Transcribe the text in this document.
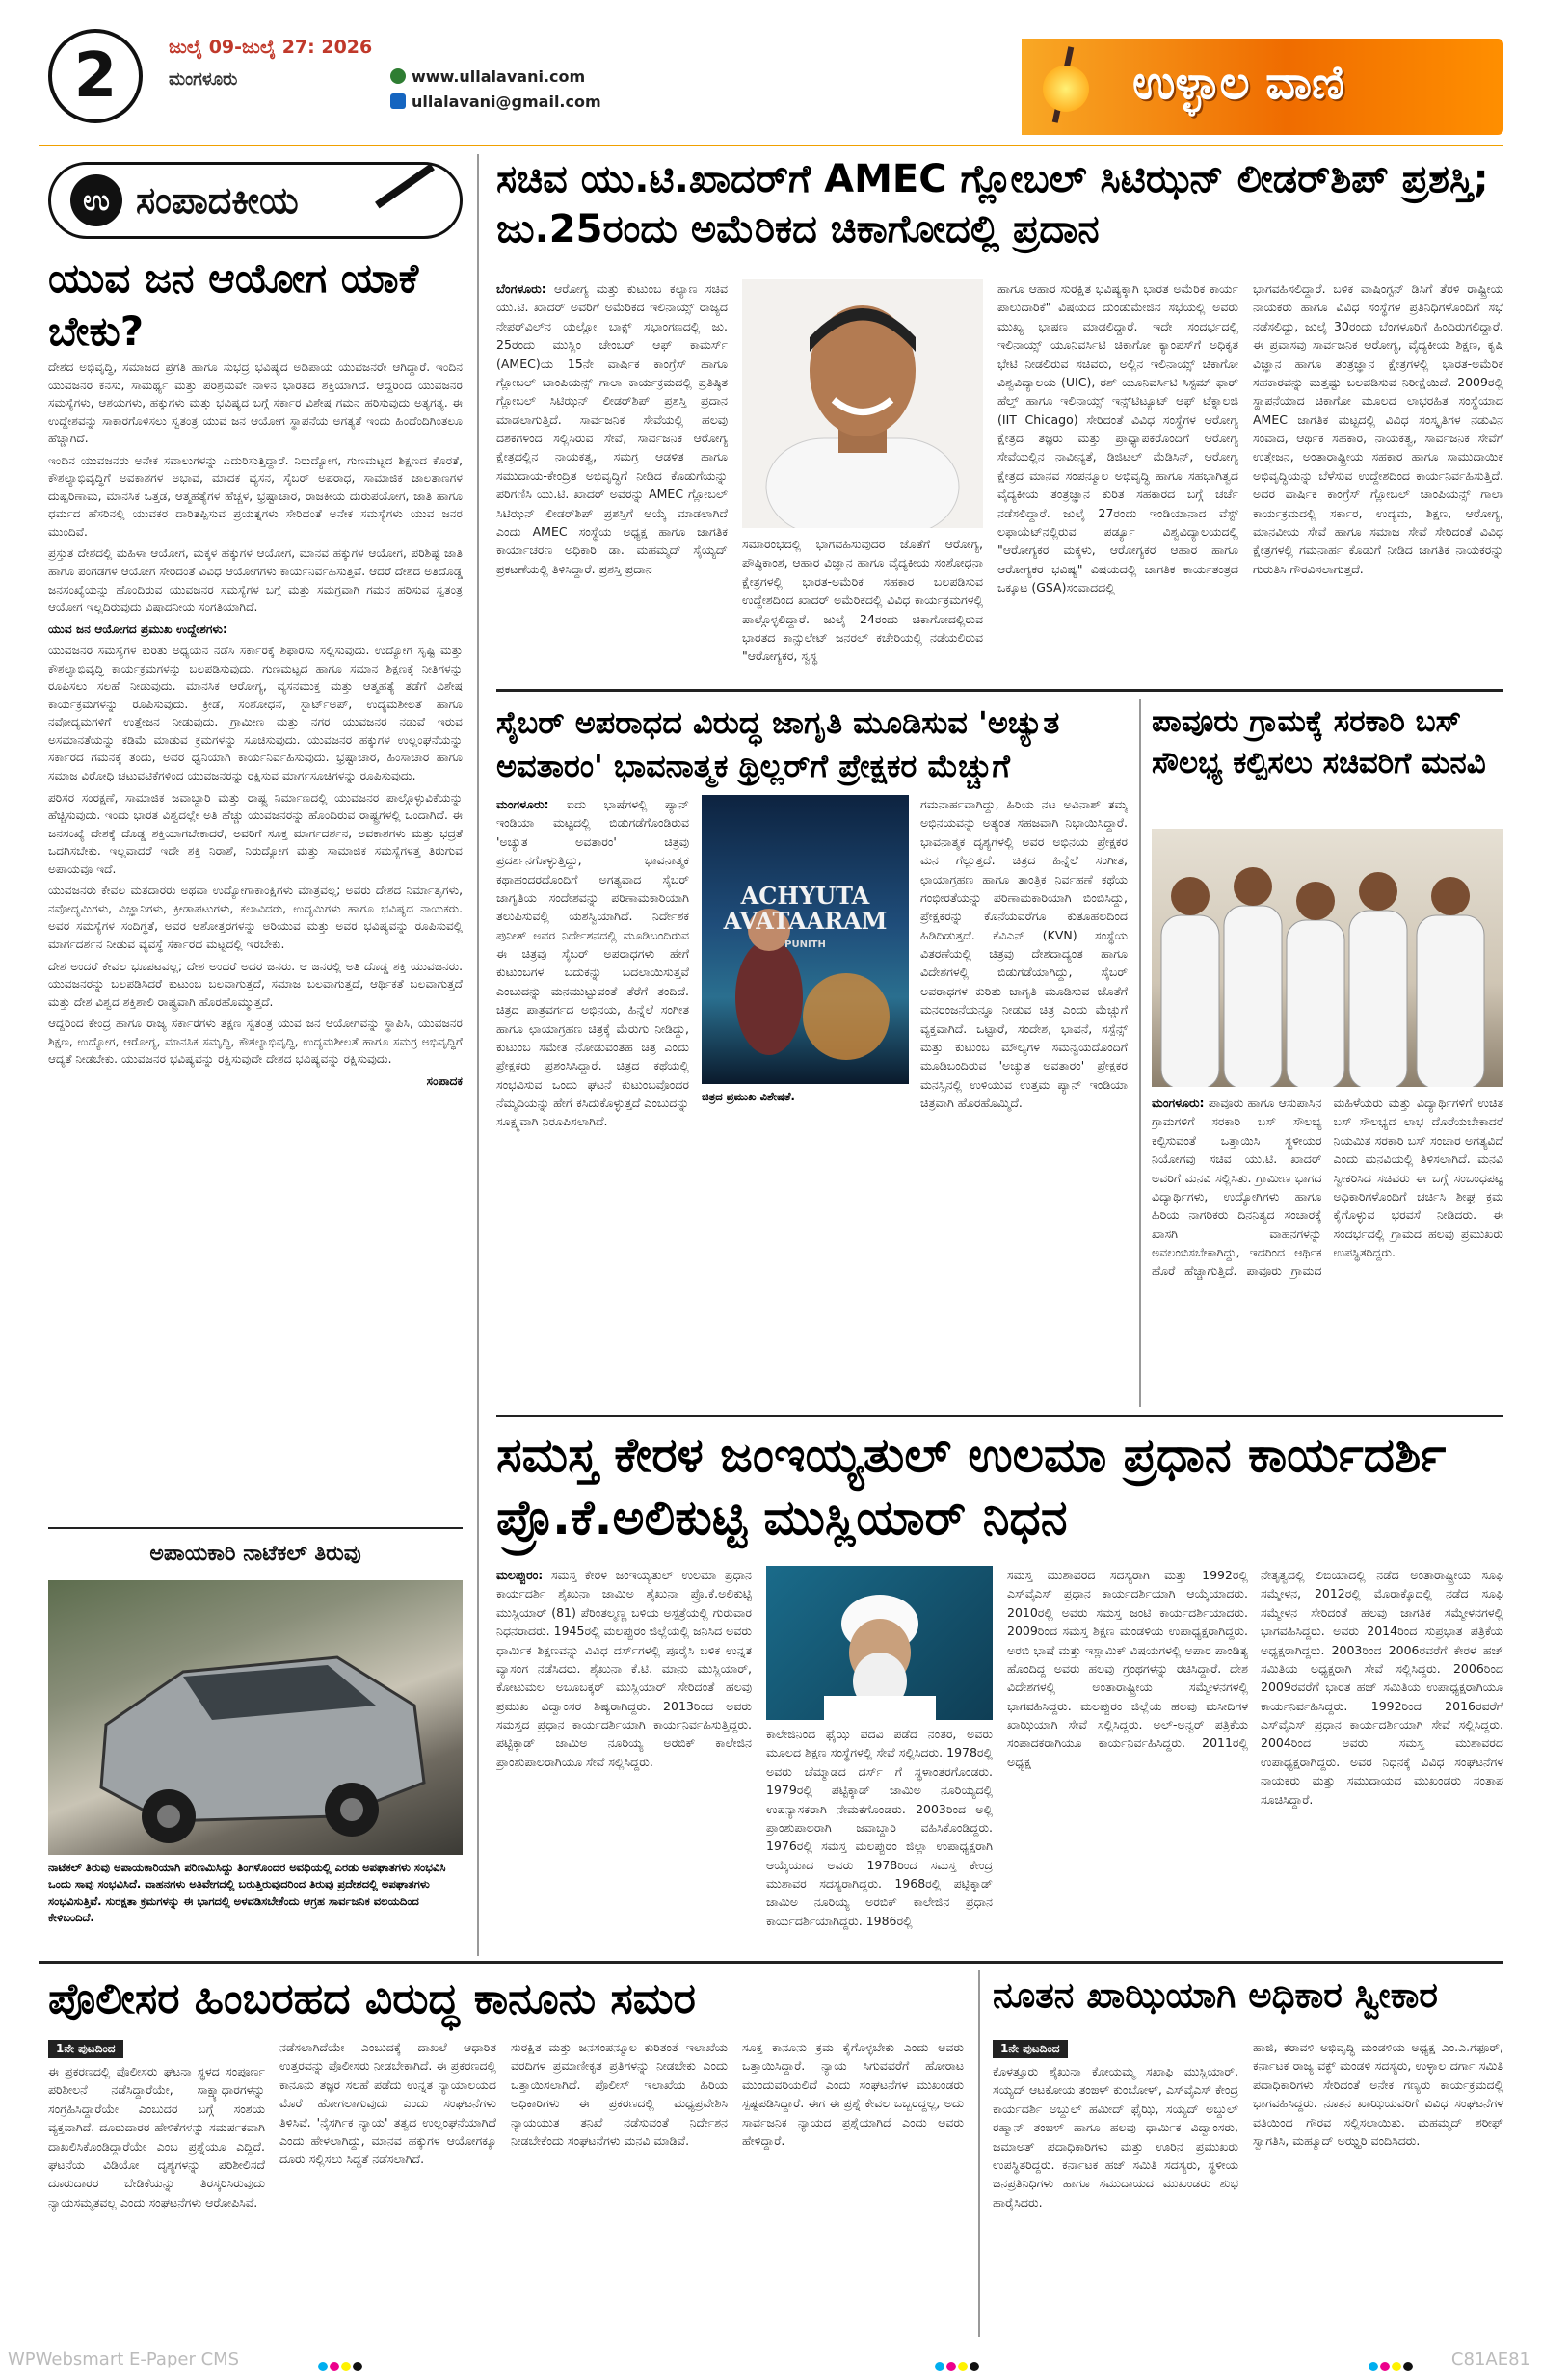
2	ಜುಲೈ 09-ಜುಲೈ 27: 2026
ಮಂಗಳೂರು	www.ullalavani.com
ullalavani@gmail.com	ಉಳ್ಳಾಲ ವಾಣಿ
ಉ ಸಂಪಾದಕೀಯ
ಯುವ ಜನ ಆಯೋಗ ಯಾಕೆ ಬೇಕು?

ದೇಶದ ಅಭಿವೃದ್ಧಿ, ಸಮಾಜದ ಪ್ರಗತಿ ಹಾಗೂ ಸುಭದ್ರ ಭವಿಷ್ಯದ ಅಡಿಪಾಯ ಯುವಜನರೇ ಆಗಿದ್ದಾರೆ. ಇಂದಿನ ಯುವಜನರ ಕನಸು, ಸಾಮರ್ಥ್ಯ ಮತ್ತು ಪರಿಶ್ರಮವೇ ನಾಳಿನ ಭಾರತದ ಶಕ್ತಿಯಾಗಿದೆ. ಆದ್ದರಿಂದ ಯುವಜನರ ಸಮಸ್ಯೆಗಳು, ಆಶಯಗಳು, ಹಕ್ಕುಗಳು ಮತ್ತು ಭವಿಷ್ಯದ ಬಗ್ಗೆ ಸರ್ಕಾರ ವಿಶೇಷ ಗಮನ ಹರಿಸುವುದು ಅತ್ಯಗತ್ಯ. ಈ ಉದ್ದೇಶವನ್ನು ಸಾಕಾರಗೊಳಿಸಲು ಸ್ವತಂತ್ರ ಯುವ ಜನ ಆಯೋಗ ಸ್ಥಾಪನೆಯ ಅಗತ್ಯತೆ ಇಂದು ಹಿಂದೆಂದಿಗಿಂತಲೂ ಹೆಚ್ಚಾಗಿದೆ.

ಇಂದಿನ ಯುವಜನರು ಅನೇಕ ಸವಾಲುಗಳನ್ನು ಎದುರಿಸುತ್ತಿದ್ದಾರೆ. ನಿರುದ್ಯೋಗ, ಗುಣಮಟ್ಟದ ಶಿಕ್ಷಣದ ಕೊರತೆ, ಕೌಶಲ್ಯಾಭಿವೃದ್ಧಿಗೆ ಅವಕಾಶಗಳ ಅಭಾವ, ಮಾದಕ ವ್ಯಸನ, ಸೈಬರ್ ಅಪರಾಧ, ಸಾಮಾಜಿಕ ಜಾಲತಾಣಗಳ ದುಷ್ಪರಿಣಾಮ, ಮಾನಸಿಕ ಒತ್ತಡ, ಆತ್ಮಹತ್ಯೆಗಳ ಹೆಚ್ಚಳ, ಭ್ರಷ್ಟಾಚಾರ, ರಾಜಕೀಯ ದುರುಪಯೋಗ, ಜಾತಿ ಹಾಗೂ ಧರ್ಮದ ಹೆಸರಿನಲ್ಲಿ ಯುವಕರ ದಾರಿತಪ್ಪಿಸುವ ಪ್ರಯತ್ನಗಳು ಸೇರಿದಂತೆ ಅನೇಕ ಸಮಸ್ಯೆಗಳು ಯುವ ಜನರ ಮುಂದಿವೆ.

ಪ್ರಸ್ತುತ ದೇಶದಲ್ಲಿ ಮಹಿಳಾ ಆಯೋಗ, ಮಕ್ಕಳ ಹಕ್ಕುಗಳ ಆಯೋಗ, ಮಾನವ ಹಕ್ಕುಗಳ ಆಯೋಗ, ಪರಿಶಿಷ್ಟ ಜಾತಿ ಹಾಗೂ ಪಂಗಡಗಳ ಆಯೋಗ ಸೇರಿದಂತೆ ವಿವಿಧ ಆಯೋಗಗಳು ಕಾರ್ಯನಿರ್ವಹಿಸುತ್ತಿವೆ. ಆದರೆ ದೇಶದ ಅತಿದೊಡ್ಡ ಜನಸಂಖ್ಯೆಯನ್ನು ಹೊಂದಿರುವ ಯುವಜನರ ಸಮಸ್ಯೆಗಳ ಬಗ್ಗೆ ಮತ್ತು ಸಮಗ್ರವಾಗಿ ಗಮನ ಹರಿಸುವ ಸ್ವತಂತ್ರ ಆಯೋಗ ಇಲ್ಲದಿರುವುದು ವಿಷಾದನೀಯ ಸಂಗತಿಯಾಗಿದೆ.

ಯುವ ಜನ ಆಯೋಗದ ಪ್ರಮುಖ ಉದ್ದೇಶಗಳು:

ಯುವಜನರ ಸಮಸ್ಯೆಗಳ ಕುರಿತು ಅಧ್ಯಯನ ನಡೆಸಿ ಸರ್ಕಾರಕ್ಕೆ ಶಿಫಾರಸು ಸಲ್ಲಿಸುವುದು. ಉದ್ಯೋಗ ಸೃಷ್ಟಿ ಮತ್ತು ಕೌಶಲ್ಯಾಭಿವೃದ್ಧಿ ಕಾರ್ಯಕ್ರಮಗಳನ್ನು ಬಲಪಡಿಸುವುದು. ಗುಣಮಟ್ಟದ ಹಾಗೂ ಸಮಾನ ಶಿಕ್ಷಣಕ್ಕೆ ನೀತಿಗಳನ್ನು ರೂಪಿಸಲು ಸಲಹೆ ನೀಡುವುದು. ಮಾನಸಿಕ ಆರೋಗ್ಯ, ವ್ಯಸನಮುಕ್ತ ಮತ್ತು ಆತ್ಮಹತ್ಯೆ ತಡೆಗೆ ವಿಶೇಷ ಕಾರ್ಯಕ್ರಮಗಳನ್ನು ರೂಪಿಸುವುದು. ಕ್ರೀಡೆ, ಸಂಶೋಧನೆ, ಸ್ಟಾರ್ಟ್‌ಅಪ್, ಉದ್ಯಮಶೀಲತೆ ಹಾಗೂ ನವೋದ್ಯಮಗಳಿಗೆ ಉತ್ತೇಜನ ನೀಡುವುದು. ಗ್ರಾಮೀಣ ಮತ್ತು ನಗರ ಯುವಜನರ ನಡುವೆ ಇರುವ ಅಸಮಾನತೆಯನ್ನು ಕಡಿಮೆ ಮಾಡುವ ಕ್ರಮಗಳನ್ನು ಸೂಚಿಸುವುದು. ಯುವಜನರ ಹಕ್ಕುಗಳ ಉಲ್ಲಂಘನೆಯನ್ನು ಸರ್ಕಾರದ ಗಮನಕ್ಕೆ ತಂದು, ಅವರ ಧ್ವನಿಯಾಗಿ ಕಾರ್ಯನಿರ್ವಹಿಸುವುದು. ಭ್ರಷ್ಟಾಚಾರ, ಹಿಂಸಾಚಾರ ಹಾಗೂ ಸಮಾಜ ವಿರೋಧಿ ಚಟುವಟಿಕೆಗಳಿಂದ ಯುವಜನರನ್ನು ರಕ್ಷಿಸುವ ಮಾರ್ಗಸೂಚಿಗಳನ್ನು ರೂಪಿಸುವುದು.

ಪರಿಸರ ಸಂರಕ್ಷಣೆ, ಸಾಮಾಜಿಕ ಜವಾಬ್ದಾರಿ ಮತ್ತು ರಾಷ್ಟ್ರ ನಿರ್ಮಾಣದಲ್ಲಿ ಯುವಜನರ ಪಾಲ್ಗೊಳ್ಳುವಿಕೆಯನ್ನು ಹೆಚ್ಚಿಸುವುದು. ಇಂದು ಭಾರತ ವಿಶ್ವದಲ್ಲೇ ಅತಿ ಹೆಚ್ಚು ಯುವಜನರನ್ನು ಹೊಂದಿರುವ ರಾಷ್ಟ್ರಗಳಲ್ಲಿ ಒಂದಾಗಿದೆ. ಈ ಜನಸಂಖ್ಯೆ ದೇಶಕ್ಕೆ ದೊಡ್ಡ ಶಕ್ತಿಯಾಗಬೇಕಾದರೆ, ಅವರಿಗೆ ಸೂಕ್ತ ಮಾರ್ಗದರ್ಶನ, ಅವಕಾಶಗಳು ಮತ್ತು ಭದ್ರತೆ ಒದಗಿಸಬೇಕು. ಇಲ್ಲವಾದರೆ ಇದೇ ಶಕ್ತಿ ನಿರಾಶೆ, ನಿರುದ್ಯೋಗ ಮತ್ತು ಸಾಮಾಜಿಕ ಸಮಸ್ಯೆಗಳತ್ತ ತಿರುಗುವ ಅಪಾಯವೂ ಇದೆ.

ಯುವಜನರು ಕೇವಲ ಮತದಾರರು ಅಥವಾ ಉದ್ಯೋಗಾಕಾಂಕ್ಷಿಗಳು ಮಾತ್ರವಲ್ಲ; ಅವರು ದೇಶದ ನಿರ್ಮಾತೃಗಳು, ನವೋದ್ಯಮಿಗಳು, ವಿಜ್ಞಾನಿಗಳು, ಕ್ರೀಡಾಪಟುಗಳು, ಕಲಾವಿದರು, ಉದ್ಯಮಿಗಳು ಹಾಗೂ ಭವಿಷ್ಯದ ನಾಯಕರು. ಅವರ ಸಮಸ್ಯೆಗಳ ಸಂದಿಗ್ಧತೆ, ಅವರ ಆಶೋತ್ತರಗಳನ್ನು ಅರಿಯುವ ಮತ್ತು ಅವರ ಭವಿಷ್ಯವನ್ನು ರೂಪಿಸುವಲ್ಲಿ ಮಾರ್ಗದರ್ಶನ ನೀಡುವ ವ್ಯವಸ್ಥೆ ಸರ್ಕಾರದ ಮಟ್ಟದಲ್ಲಿ ಇರಬೇಕು.

ದೇಶ ಅಂದರೆ ಕೇವಲ ಭೂಪಟವಲ್ಲ; ದೇಶ ಅಂದರೆ ಅದರ ಜನರು. ಆ ಜನರಲ್ಲಿ ಅತಿ ದೊಡ್ಡ ಶಕ್ತಿ ಯುವಜನರು. ಯುವಜನರನ್ನು ಬಲಪಡಿಸಿದರೆ ಕುಟುಂಬ ಬಲವಾಗುತ್ತದೆ, ಸಮಾಜ ಬಲವಾಗುತ್ತದೆ, ಆರ್ಥಿಕತೆ ಬಲವಾಗುತ್ತದೆ ಮತ್ತು ದೇಶ ವಿಶ್ವದ ಶಕ್ತಿಶಾಲಿ ರಾಷ್ಟ್ರವಾಗಿ ಹೊರಹೊಮ್ಮುತ್ತದೆ.

ಆದ್ದರಿಂದ ಕೇಂದ್ರ ಹಾಗೂ ರಾಜ್ಯ ಸರ್ಕಾರಗಳು ತಕ್ಷಣ ಸ್ವತಂತ್ರ ಯುವ ಜನ ಆಯೋಗವನ್ನು ಸ್ಥಾಪಿಸಿ, ಯುವಜನರ ಶಿಕ್ಷಣ, ಉದ್ಯೋಗ, ಆರೋಗ್ಯ, ಮಾನಸಿಕ ಸಮೃದ್ಧಿ, ಕೌಶಲ್ಯಾಭಿವೃದ್ಧಿ, ಉದ್ಯಮಶೀಲತೆ ಹಾಗೂ ಸಮಗ್ರ ಅಭಿವೃದ್ಧಿಗೆ ಆದ್ಯತೆ ನೀಡಬೇಕು. ಯುವಜನರ ಭವಿಷ್ಯವನ್ನು ರಕ್ಷಿಸುವುದೇ ದೇಶದ ಭವಿಷ್ಯವನ್ನು ರಕ್ಷಿಸುವುದು.

ಸಂಪಾದಕ

ಅಪಾಯಕಾರಿ ನಾಟೆಕಲ್ ತಿರುವು
ನಾಟೆಕಲ್ ತಿರುವು ಅಪಾಯಕಾರಿಯಾಗಿ ಪರಿಣಮಿಸಿದ್ದು ತಿಂಗಳೊಂದರ ಅವಧಿಯಲ್ಲಿ ಎರಡು ಅಪಘಾತಗಳು ಸಂಭವಿಸಿ ಒಂದು ಸಾವು ಸಂಭವಿಸಿದೆ. ವಾಹನಗಳು ಅತಿವೇಗದಲ್ಲಿ ಬರುತ್ತಿರುವುದರಿಂದ ತಿರುವು ಪ್ರದೇಶದಲ್ಲಿ ಅಪಘಾತಗಳು ಸಂಭವಿಸುತ್ತಿವೆ. ಸುರಕ್ಷತಾ ಕ್ರಮಗಳನ್ನು ಈ ಭಾಗದಲ್ಲಿ ಅಳವಡಿಸಬೇಕೆಂದು ಆಗ್ರಹ ಸಾರ್ವಜನಿಕ ವಲಯದಿಂದ ಕೇಳಿಬಂದಿದೆ.
ಸಚಿವ ಯು.ಟಿ.ಖಾದರ್‌ಗೆ AMEC ಗ್ಲೋಬಲ್ ಸಿಟಿಝನ್ ಲೀಡರ್‌ಶಿಪ್ ಪ್ರಶಸ್ತಿ; ಜು.25ರಂದು ಅಮೆರಿಕದ ಚಿಕಾಗೋದಲ್ಲಿ ಪ್ರದಾನ
ಬೆಂಗಳೂರು: ಆರೋಗ್ಯ ಮತ್ತು ಕುಟುಂಬ ಕಲ್ಯಾಣ ಸಚಿವ ಯು.ಟಿ. ಖಾದರ್ ಅವರಿಗೆ ಅಮೆರಿಕದ ಇಲಿನಾಯ್ಸ್ ರಾಜ್ಯದ ನೇಪರ್‌ವಿಲ್‌ನ ಯಲ್ಲೋ ಬಾಕ್ಸ್ ಸಭಾಂಗಣದಲ್ಲಿ ಜು. 25ರಂದು ಮುಸ್ಲಿಂ ಚೇಂಬರ್ ಆಫ್ ಕಾಮರ್ಸ್ (AMEC)ಯ 15ನೇ ವಾರ್ಷಿಕ ಕಾಂಗ್ರೆಸ್ ಹಾಗೂ ಗ್ಲೋಬಲ್ ಚಾಂಪಿಯನ್ಸ್ ಗಾಲಾ ಕಾರ್ಯಕ್ರಮದಲ್ಲಿ ಪ್ರತಿಷ್ಠಿತ ಗ್ಲೋಬಲ್ ಸಿಟಿಝನ್ ಲೀಡರ್‌ಶಿಪ್ ಪ್ರಶಸ್ತಿ ಪ್ರದಾನ ಮಾಡಲಾಗುತ್ತಿದೆ. ಸಾರ್ವಜನಿಕ ಸೇವೆಯಲ್ಲಿ ಹಲವು ದಶಕಗಳಿಂದ ಸಲ್ಲಿಸಿರುವ ಸೇವೆ, ಸಾರ್ವಜನಿಕ ಆರೋಗ್ಯ ಕ್ಷೇತ್ರದಲ್ಲಿನ ನಾಯಕತ್ವ, ಸಮಗ್ರ ಆಡಳಿತ ಹಾಗೂ ಸಮುದಾಯ-ಕೇಂದ್ರಿತ ಅಭಿವೃದ್ಧಿಗೆ ನೀಡಿದ ಕೊಡುಗೆಯನ್ನು ಪರಿಗಣಿಸಿ ಯು.ಟಿ. ಖಾದರ್ ಅವರನ್ನು AMEC ಗ್ಲೋಬಲ್ ಸಿಟಿಝನ್ ಲೀಡರ್‌ಶಿಪ್ ಪ್ರಶಸ್ತಿಗೆ ಆಯ್ಕೆ ಮಾಡಲಾಗಿದೆ ಎಂದು AMEC ಸಂಸ್ಥೆಯ ಅಧ್ಯಕ್ಷ ಹಾಗೂ ಜಾಗತಿಕ ಕಾರ್ಯಾಚರಣ ಅಧಿಕಾರಿ ಡಾ. ಮಹಮ್ಮದ್ ಸೈಯ್ಯದ್ ಪ್ರಕಟಣೆಯಲ್ಲಿ ತಿಳಿಸಿದ್ದಾರೆ. ಪ್ರಶಸ್ತಿ ಪ್ರದಾನ
ಸಮಾರಂಭದಲ್ಲಿ ಭಾಗವಹಿಸುವುದರ ಜೊತೆಗೆ ಆರೋಗ್ಯ, ಪೌಷ್ಠಿಕಾಂಶ, ಆಹಾರ ವಿಜ್ಞಾನ ಹಾಗೂ ವೈದ್ಯಕೀಯ ಸಂಶೋಧನಾ ಕ್ಷೇತ್ರಗಳಲ್ಲಿ ಭಾರತ-ಅಮೆರಿಕ ಸಹಕಾರ ಬಲಪಡಿಸುವ ಉದ್ದೇಶದಿಂದ ಖಾದರ್ ಅಮೆರಿಕದಲ್ಲಿ ವಿವಿಧ ಕಾರ್ಯಕ್ರಮಗಳಲ್ಲಿ ಪಾಲ್ಗೊಳ್ಳಲಿದ್ದಾರೆ. ಜುಲೈ 24ರಂದು ಚಿಕಾಗೋದಲ್ಲಿರುವ ಭಾರತದ ಕಾನ್ಸುಲೇಟ್ ಜನರಲ್ ಕಚೇರಿಯಲ್ಲಿ ನಡೆಯಲಿರುವ "ಆರೋಗ್ಯಕರ, ಸ್ವಸ್ಥ
ಹಾಗೂ ಆಹಾರ ಸುರಕ್ಷಿತ ಭವಿಷ್ಯಕ್ಕಾಗಿ ಭಾರತ ಅಮೆರಿಕ ಕಾರ್ಯ ಪಾಲುದಾರಿಕೆ" ವಿಷಯದ ದುಂಡುಮೇಜಿನ ಸಭೆಯಲ್ಲಿ ಅವರು ಮುಖ್ಯ ಭಾಷಣ ಮಾಡಲಿದ್ದಾರೆ. ಇದೇ ಸಂದರ್ಭದಲ್ಲಿ ಇಲಿನಾಯ್ಸ್ ಯೂನಿವರ್ಸಿಟಿ ಚಿಕಾಗೋ ಕ್ಯಾಂಪಸ್‌ಗೆ ಅಧಿಕೃತ ಭೇಟಿ ನೀಡಲಿರುವ ಸಚಿವರು, ಅಲ್ಲಿನ ಇಲಿನಾಯ್ಸ್ ಚಿಕಾಗೋ ವಿಶ್ವವಿದ್ಯಾಲಯ (UIC), ರಶ್ ಯೂನಿವರ್ಸಿಟಿ ಸಿಸ್ಟಮ್ ಫಾರ್ ಹೆಲ್ತ್ ಹಾಗೂ ಇಲಿನಾಯ್ಸ್ ಇನ್ಸ್‌ಟಿಟ್ಯೂಟ್ ಆಫ್ ಟೆಕ್ನಾಲಜಿ (IIT Chicago) ಸೇರಿದಂತೆ ವಿವಿಧ ಸಂಸ್ಥೆಗಳ ಆರೋಗ್ಯ ಕ್ಷೇತ್ರದ ತಜ್ಞರು ಮತ್ತು ಪ್ರಾಧ್ಯಾಪಕರೊಂದಿಗೆ ಆರೋಗ್ಯ ಸೇವೆಯಲ್ಲಿನ ನಾವೀನ್ಯತೆ, ಡಿಜಿಟಲ್ ಮೆಡಿಸಿನ್, ಆರೋಗ್ಯ ಕ್ಷೇತ್ರದ ಮಾನವ ಸಂಪನ್ಮೂಲ ಅಭಿವೃದ್ಧಿ ಹಾಗೂ ಸಹಭಾಗಿತ್ವದ ವೈದ್ಯಕೀಯ ತಂತ್ರಜ್ಞಾನ ಕುರಿತ ಸಹಕಾರದ ಬಗ್ಗೆ ಚರ್ಚೆ ನಡೆಸಲಿದ್ದಾರೆ. ಜುಲೈ 27ರಂದು ಇಂಡಿಯಾನಾದ ವೆಸ್ಟ್ ಲಫಾಯೆಟ್‌ನಲ್ಲಿರುವ ಪರ್ಡ್ಯೂ ವಿಶ್ವವಿದ್ಯಾಲಯದಲ್ಲಿ "ಆರೋಗ್ಯಕರ ಮಕ್ಕಳು, ಆರೋಗ್ಯಕರ ಆಹಾರ ಹಾಗೂ ಆರೋಗ್ಯಕರ ಭವಿಷ್ಯ" ವಿಷಯದಲ್ಲಿ ಜಾಗತಿಕ ಕಾರ್ಯತಂತ್ರದ ಒಕ್ಕೂಟ (GSA)ಸಂವಾದದಲ್ಲಿ
ಭಾಗವಹಿಸಲಿದ್ದಾರೆ. ಬಳಿಕ ವಾಷಿಂಗ್ಟನ್ ಡಿಸಿಗೆ ತೆರಳಿ ರಾಷ್ಟ್ರೀಯ ನಾಯಕರು ಹಾಗೂ ವಿವಿಧ ಸಂಸ್ಥೆಗಳ ಪ್ರತಿನಿಧಿಗಳೊಂದಿಗೆ ಸಭೆ ನಡೆಸಲಿದ್ದು, ಜುಲೈ 30ರಂದು ಬೆಂಗಳೂರಿಗೆ ಹಿಂದಿರುಗಲಿದ್ದಾರೆ. ಈ ಪ್ರವಾಸವು ಸಾರ್ವಜನಿಕ ಆರೋಗ್ಯ, ವೈದ್ಯಕೀಯ ಶಿಕ್ಷಣ, ಕೃಷಿ ವಿಜ್ಞಾನ ಹಾಗೂ ತಂತ್ರಜ್ಞಾನ ಕ್ಷೇತ್ರಗಳಲ್ಲಿ ಭಾರತ-ಅಮೆರಿಕ ಸಹಕಾರವನ್ನು ಮತ್ತಷ್ಟು ಬಲಪಡಿಸುವ ನಿರೀಕ್ಷೆಯಿದೆ. 2009ರಲ್ಲಿ ಸ್ಥಾಪನೆಯಾದ ಚಿಕಾಗೋ ಮೂಲದ ಲಾಭರಹಿತ ಸಂಸ್ಥೆಯಾದ AMEC ಜಾಗತಿಕ ಮಟ್ಟದಲ್ಲಿ ವಿವಿಧ ಸಂಸ್ಕೃತಿಗಳ ನಡುವಿನ ಸಂವಾದ, ಆರ್ಥಿಕ ಸಹಕಾರ, ನಾಯಕತ್ವ, ಸಾರ್ವಜನಿಕ ಸೇವೆಗೆ ಉತ್ತೇಜನ, ಅಂತಾರಾಷ್ಟ್ರೀಯ ಸಹಕಾರ ಹಾಗೂ ಸಾಮುದಾಯಿಕ ಅಭಿವೃದ್ಧಿಯನ್ನು ಬೆಳೆಸುವ ಉದ್ದೇಶದಿಂದ ಕಾರ್ಯನಿರ್ವಹಿಸುತ್ತಿದೆ. ಅದರ ವಾರ್ಷಿಕ ಕಾಂಗ್ರೆಸ್ ಗ್ಲೋಬಲ್ ಚಾಂಪಿಯನ್ಸ್ ಗಾಲಾ ಕಾರ್ಯಕ್ರಮದಲ್ಲಿ ಸರ್ಕಾರ, ಉದ್ಯಮ, ಶಿಕ್ಷಣ, ಆರೋಗ್ಯ, ಮಾನವೀಯ ಸೇವೆ ಹಾಗೂ ಸಮಾಜ ಸೇವೆ ಸೇರಿದಂತೆ ವಿವಿಧ ಕ್ಷೇತ್ರಗಳಲ್ಲಿ ಗಮನಾರ್ಹ ಕೊಡುಗೆ ನೀಡಿದ ಜಾಗತಿಕ ನಾಯಕರನ್ನು ಗುರುತಿಸಿ ಗೌರವಿಸಲಾಗುತ್ತದೆ.
ಸೈಬರ್ ಅಪರಾಧದ ವಿರುದ್ಧ ಜಾಗೃತಿ ಮೂಡಿಸುವ 'ಅಚ್ಯುತ ಅವತಾರಂ' ಭಾವನಾತ್ಮಕ ಥ್ರಿಲ್ಲರ್‌ಗೆ ಪ್ರೇಕ್ಷಕರ ಮೆಚ್ಚುಗೆ
ಮಂಗಳೂರು: ಐದು ಭಾಷೆಗಳಲ್ಲಿ ಪ್ಯಾನ್ ಇಂಡಿಯಾ ಮಟ್ಟದಲ್ಲಿ ಬಿಡುಗಡೆಗೊಂಡಿರುವ 'ಅಚ್ಯುತ ಅವತಾರಂ' ಚಿತ್ರವು ಪ್ರದರ್ಶನಗೊಳ್ಳುತ್ತಿದ್ದು, ಭಾವನಾತ್ಮಕ ಕಥಾಹಂದರದೊಂದಿಗೆ ಅಗತ್ಯವಾದ ಸೈಬರ್ ಜಾಗೃತಿಯ ಸಂದೇಶವನ್ನು ಪರಿಣಾಮಕಾರಿಯಾಗಿ ತಲುಪಿಸುವಲ್ಲಿ ಯಶಸ್ವಿಯಾಗಿದೆ. ನಿರ್ದೇಶಕ ಪುನೀತ್ ಅವರ ನಿರ್ದೇಶನದಲ್ಲಿ ಮೂಡಿಬಂದಿರುವ ಈ ಚಿತ್ರವು ಸೈಬರ್ ಅಪರಾಧಗಳು ಹೇಗೆ ಕುಟುಂಬಗಳ ಬದುಕನ್ನು ಬದಲಾಯಿಸುತ್ತವೆ ಎಂಬುದನ್ನು ಮನಮುಟ್ಟುವಂತೆ ತೆರೆಗೆ ತಂದಿದೆ. ಚಿತ್ರದ ಪಾತ್ರವರ್ಗದ ಅಭಿನಯ, ಹಿನ್ನೆಲೆ ಸಂಗೀತ ಹಾಗೂ ಛಾಯಾಗ್ರಹಣ ಚಿತ್ರಕ್ಕೆ ಮೆರುಗು ನೀಡಿದ್ದು, ಕುಟುಂಬ ಸಮೇತ ನೋಡುವಂತಹ ಚಿತ್ರ ಎಂದು ಪ್ರೇಕ್ಷಕರು ಪ್ರಶಂಸಿಸಿದ್ದಾರೆ. ಚಿತ್ರದ ಕಥೆಯಲ್ಲಿ ಸಂಭವಿಸುವ ಒಂದು ಘಟನೆ ಕುಟುಂಬವೊಂದರ ನೆಮ್ಮದಿಯನ್ನು ಹೇಗೆ ಕಸಿದುಕೊಳ್ಳುತ್ತದೆ ಎಂಬುದನ್ನು ಸೂಕ್ಷ್ಮವಾಗಿ ನಿರೂಪಿಸಲಾಗಿದೆ.
ACHYUTA AVATAARAM
PUNITH
ಚಿತ್ರದ ಪ್ರಮುಖ ವಿಶೇಷತೆ.
ಗಮನಾರ್ಹವಾಗಿದ್ದು, ಹಿರಿಯ ನಟ ಅವಿನಾಶ್ ತಮ್ಮ ಅಭಿನಯವನ್ನು ಅತ್ಯಂತ ಸಹಜವಾಗಿ ನಿಭಾಯಿಸಿದ್ದಾರೆ. ಭಾವನಾತ್ಮಕ ದೃಶ್ಯಗಳಲ್ಲಿ ಅವರ ಅಭಿನಯ ಪ್ರೇಕ್ಷಕರ ಮನ ಗೆಲ್ಲುತ್ತದೆ. ಚಿತ್ರದ ಹಿನ್ನೆಲೆ ಸಂಗೀತ, ಛಾಯಾಗ್ರಹಣ ಹಾಗೂ ತಾಂತ್ರಿಕ ನಿರ್ವಹಣೆ ಕಥೆಯ ಗಂಭೀರತೆಯನ್ನು ಪರಿಣಾಮಕಾರಿಯಾಗಿ ಬಿಂಬಿಸಿದ್ದು, ಪ್ರೇಕ್ಷಕರನ್ನು ಕೊನೆಯವರೆಗೂ ಕುತೂಹಲದಿಂದ ಹಿಡಿದಿಡುತ್ತದೆ. ಕೆವಿಎನ್ (KVN) ಸಂಸ್ಥೆಯ ವಿತರಣೆಯಲ್ಲಿ ಚಿತ್ರವು ದೇಶದಾದ್ಯಂತ ಹಾಗೂ ವಿದೇಶಗಳಲ್ಲಿ ಬಿಡುಗಡೆಯಾಗಿದ್ದು, ಸೈಬರ್ ಅಪರಾಧಗಳ ಕುರಿತು ಜಾಗೃತಿ ಮೂಡಿಸುವ ಜೊತೆಗೆ ಮನರಂಜನೆಯನ್ನೂ ನೀಡುವ ಚಿತ್ರ ಎಂದು ಮೆಚ್ಚುಗೆ ವ್ಯಕ್ತವಾಗಿದೆ. ಒಟ್ಟಾರೆ, ಸಂದೇಶ, ಭಾವನೆ, ಸಸ್ಪೆನ್ಸ್ ಮತ್ತು ಕುಟುಂಬ ಮೌಲ್ಯಗಳ ಸಮನ್ವಯದೊಂದಿಗೆ ಮೂಡಿಬಂದಿರುವ 'ಅಚ್ಯುತ ಅವತಾರಂ' ಪ್ರೇಕ್ಷಕರ ಮನಸ್ಸಿನಲ್ಲಿ ಉಳಿಯುವ ಉತ್ತಮ ಪ್ಯಾನ್ ಇಂಡಿಯಾ ಚಿತ್ರವಾಗಿ ಹೊರಹೊಮ್ಮಿದೆ.
ಪಾವೂರು ಗ್ರಾಮಕ್ಕೆ ಸರಕಾರಿ ಬಸ್ ಸೌಲಭ್ಯ ಕಲ್ಪಿಸಲು ಸಚಿವರಿಗೆ ಮನವಿ
ಮಂಗಳೂರು: ಪಾವೂರು ಹಾಗೂ ಆಸುಪಾಸಿನ ಗ್ರಾಮಗಳಿಗೆ ಸರಕಾರಿ ಬಸ್ ಸೌಲಭ್ಯ ಕಲ್ಪಿಸುವಂತೆ ಒತ್ತಾಯಿಸಿ ಸ್ಥಳೀಯರ ನಿಯೋಗವು ಸಚಿವ ಯು.ಟಿ. ಖಾದರ್ ಅವರಿಗೆ ಮನವಿ ಸಲ್ಲಿಸಿತು. ಗ್ರಾಮೀಣ ಭಾಗದ ವಿದ್ಯಾರ್ಥಿಗಳು, ಉದ್ಯೋಗಿಗಳು ಹಾಗೂ ಹಿರಿಯ ನಾಗರಿಕರು ದಿನನಿತ್ಯದ ಸಂಚಾರಕ್ಕೆ ಖಾಸಗಿ ವಾಹನಗಳನ್ನು ಅವಲಂಬಿಸಬೇಕಾಗಿದ್ದು, ಇದರಿಂದ ಆರ್ಥಿಕ ಹೊರೆ ಹೆಚ್ಚಾಗುತ್ತಿದೆ. ಪಾವೂರು ಗ್ರಾಮದ ಮಹಿಳೆಯರು ಮತ್ತು ವಿದ್ಯಾರ್ಥಿಗಳಿಗೆ ಉಚಿತ ಬಸ್ ಸೌಲಭ್ಯದ ಲಾಭ ದೊರೆಯಬೇಕಾದರೆ ನಿಯಮಿತ ಸರಕಾರಿ ಬಸ್ ಸಂಚಾರ ಅಗತ್ಯವಿದೆ ಎಂದು ಮನವಿಯಲ್ಲಿ ತಿಳಿಸಲಾಗಿದೆ. ಮನವಿ ಸ್ವೀಕರಿಸಿದ ಸಚಿವರು ಈ ಬಗ್ಗೆ ಸಂಬಂಧಪಟ್ಟ ಅಧಿಕಾರಿಗಳೊಂದಿಗೆ ಚರ್ಚಿಸಿ ಶೀಘ್ರ ಕ್ರಮ ಕೈಗೊಳ್ಳುವ ಭರವಸೆ ನೀಡಿದರು. ಈ ಸಂದರ್ಭದಲ್ಲಿ ಗ್ರಾಮದ ಹಲವು ಪ್ರಮುಖರು ಉಪಸ್ಥಿತರಿದ್ದರು.
ಸಮಸ್ತ ಕೇರಳ ಜಂಇಯ್ಯತುಲ್ ಉಲಮಾ ಪ್ರಧಾನ ಕಾರ್ಯದರ್ಶಿ ಪ್ರೊ.ಕೆ.ಅಲಿಕುಟ್ಟಿ ಮುಸ್ಲಿಯಾರ್ ನಿಧನ
ಮಲಪ್ಪುರಂ: ಸಮಸ್ತ ಕೇರಳ ಜಂಇಯ್ಯತುಲ್ ಉಲಮಾ ಪ್ರಧಾನ ಕಾರ್ಯದರ್ಶಿ ಶೈಖುನಾ ಜಾಮಿಅ ಶೈಖುನಾ ಪ್ರೊ.ಕೆ.ಅಲಿಕುಟ್ಟಿ ಮುಸ್ಲಿಯಾರ್ (81) ಪೆರಿಂತಲ್ಮಣ್ಣ ಬಳಿಯ ಅಸ್ಪತ್ರೆಯಲ್ಲಿ ಗುರುವಾರ ನಿಧನರಾದರು. 1945ರಲ್ಲಿ ಮಲಪ್ಪುರಂ ಜಿಲ್ಲೆಯಲ್ಲಿ ಜನಿಸಿದ ಅವರು ಧಾರ್ಮಿಕ ಶಿಕ್ಷಣವನ್ನು ವಿವಿಧ ದರ್ಸ್‌ಗಳಲ್ಲಿ ಪೂರೈಸಿ ಬಳಿಕ ಉನ್ನತ ವ್ಯಾಸಂಗ ನಡೆಸಿದರು. ಶೈಖುನಾ ಕೆ.ಟಿ. ಮಾನು ಮುಸ್ಲಿಯಾರ್, ಕೋಟುಮಲ ಅಬೂಬಕ್ಕರ್ ಮುಸ್ಲಿಯಾರ್ ಸೇರಿದಂತೆ ಹಲವು ಪ್ರಮುಖ ವಿದ್ವಾಂಸರ ಶಿಷ್ಯರಾಗಿದ್ದರು. 2013ರಿಂದ ಅವರು ಸಮಸ್ತದ ಪ್ರಧಾನ ಕಾರ್ಯದರ್ಶಿಯಾಗಿ ಕಾರ್ಯನಿರ್ವಹಿಸುತ್ತಿದ್ದರು. ಪಟ್ಟಿಕ್ಕಾಡ್ ಜಾಮಿಅ ನೂರಿಯ್ಯ ಅರಬಿಕ್ ಕಾಲೇಜಿನ ಪ್ರಾಂಶುಪಾಲರಾಗಿಯೂ ಸೇವೆ ಸಲ್ಲಿಸಿದ್ದರು.
ಕಾಲೇಜಿನಿಂದ ಫೈಝಿ ಪದವಿ ಪಡೆದ ನಂತರ, ಅವರು ಮೂಲದ ಶಿಕ್ಷಣ ಸಂಸ್ಥೆಗಳಲ್ಲಿ ಸೇವೆ ಸಲ್ಲಿಸಿದರು. 1978ರಲ್ಲಿ ಅವರು ಚೆಮ್ಮಾಡದ ದರ್ಸ್ ಗೆ ಸ್ಥಳಾಂತರಗೊಂಡರು. 1979ರಲ್ಲಿ ಪಟ್ಟಿಕ್ಕಾಡ್ ಜಾಮಿಅ ನೂರಿಯ್ಯದಲ್ಲಿ ಉಪನ್ಯಾಸಕರಾಗಿ ನೇಮಕಗೊಂಡರು. 2003ರಿಂದ ಅಲ್ಲಿ ಪ್ರಾಂಶುಪಾಲರಾಗಿ ಜವಾಬ್ದಾರಿ ವಹಿಸಿಕೊಂಡಿದ್ದರು. 1976ರಲ್ಲಿ ಸಮಸ್ತ ಮಲಪ್ಪುರಂ ಜಿಲ್ಲಾ ಉಪಾಧ್ಯಕ್ಷರಾಗಿ ಆಯ್ಕೆಯಾದ ಅವರು 1978ರಿಂದ ಸಮಸ್ತ ಕೇಂದ್ರ ಮುಶಾವರ ಸದಸ್ಯರಾಗಿದ್ದರು. 1968ರಲ್ಲಿ ಪಟ್ಟಿಕ್ಕಾಡ್ ಜಾಮಿಅ ನೂರಿಯ್ಯ ಅರಬಿಕ್ ಕಾಲೇಜಿನ ಪ್ರಧಾನ ಕಾರ್ಯದರ್ಶಿಯಾಗಿದ್ದರು. 1986ರಲ್ಲಿ
ಸಮಸ್ತ ಮುಶಾವರದ ಸದಸ್ಯರಾಗಿ ಮತ್ತು 1992ರಲ್ಲಿ ಎಸ್‌ವೈಎಸ್ ಪ್ರಧಾನ ಕಾರ್ಯದರ್ಶಿಯಾಗಿ ಆಯ್ಕೆಯಾದರು. 2010ರಲ್ಲಿ ಅವರು ಸಮಸ್ತ ಜಂಟಿ ಕಾರ್ಯದರ್ಶಿಯಾದರು. 2009ರಿಂದ ಸಮಸ್ತ ಶಿಕ್ಷಣ ಮಂಡಳಿಯ ಉಪಾಧ್ಯಕ್ಷರಾಗಿದ್ದರು. ಅರಬಿ ಭಾಷೆ ಮತ್ತು ಇಸ್ಲಾಮಿಕ್ ವಿಷಯಗಳಲ್ಲಿ ಅಪಾರ ಪಾಂಡಿತ್ಯ ಹೊಂದಿದ್ದ ಅವರು ಹಲವು ಗ್ರಂಥಗಳನ್ನು ರಚಿಸಿದ್ದಾರೆ. ದೇಶ ವಿದೇಶಗಳಲ್ಲಿ ಅಂತಾರಾಷ್ಟ್ರೀಯ ಸಮ್ಮೇಳನಗಳಲ್ಲಿ ಭಾಗವಹಿಸಿದ್ದರು. ಮಲಪ್ಪುರಂ ಜಿಲ್ಲೆಯ ಹಲವು ಮಸೀದಿಗಳ ಖಾಝಿಯಾಗಿ ಸೇವೆ ಸಲ್ಲಿಸಿದ್ದರು. ಅಲ್-ಅನ್ವರ್ ಪತ್ರಿಕೆಯ ಸಂಪಾದಕರಾಗಿಯೂ ಕಾರ್ಯನಿರ್ವಹಿಸಿದ್ದರು. 2011ರಲ್ಲಿ ಅಧ್ಯಕ್ಷ
ನೇತೃತ್ವದಲ್ಲಿ ಲಿಬಿಯಾದಲ್ಲಿ ನಡೆದ ಅಂತಾರಾಷ್ಟ್ರೀಯ ಸೂಫಿ ಸಮ್ಮೇಳನ, 2012ರಲ್ಲಿ ಮೊರಾಕ್ಕೊದಲ್ಲಿ ನಡೆದ ಸೂಫಿ ಸಮ್ಮೇಳನ ಸೇರಿದಂತೆ ಹಲವು ಜಾಗತಿಕ ಸಮ್ಮೇಳನಗಳಲ್ಲಿ ಭಾಗವಹಿಸಿದ್ದರು. ಅವರು 2014ರಿಂದ ಸುಪ್ರಭಾತ ಪತ್ರಿಕೆಯ ಅಧ್ಯಕ್ಷರಾಗಿದ್ದರು. 2003ರಿಂದ 2006ರವರೆಗೆ ಕೇರಳ ಹಜ್ ಸಮಿತಿಯ ಅಧ್ಯಕ್ಷರಾಗಿ ಸೇವೆ ಸಲ್ಲಿಸಿದ್ದರು. 2006ರಿಂದ 2009ರವರೆಗೆ ಭಾರತ ಹಜ್ ಸಮಿತಿಯ ಉಪಾಧ್ಯಕ್ಷರಾಗಿಯೂ ಕಾರ್ಯನಿರ್ವಹಿಸಿದ್ದರು. 1992ರಿಂದ 2016ರವರೆಗೆ ಎಸ್‌ವೈಎಸ್ ಪ್ರಧಾನ ಕಾರ್ಯದರ್ಶಿಯಾಗಿ ಸೇವೆ ಸಲ್ಲಿಸಿದ್ದರು. 2004ರಿಂದ ಅವರು ಸಮಸ್ತ ಮುಶಾವರದ ಉಪಾಧ್ಯಕ್ಷರಾಗಿದ್ದರು. ಅವರ ನಿಧನಕ್ಕೆ ವಿವಿಧ ಸಂಘಟನೆಗಳ ನಾಯಕರು ಮತ್ತು ಸಮುದಾಯದ ಮುಖಂಡರು ಸಂತಾಪ ಸೂಚಿಸಿದ್ದಾರೆ.
ಪೊಲೀಸರ ಹಿಂಬರಹದ ವಿರುದ್ಧ ಕಾನೂನು ಸಮರ
1ನೇ ಪುಟದಿಂದ
ಈ ಪ್ರಕರಣದಲ್ಲಿ ಪೊಲೀಸರು ಘಟನಾ ಸ್ಥಳದ ಸಂಪೂರ್ಣ ಪರಿಶೀಲನೆ ನಡೆಸಿದ್ದಾರೆಯೇ, ಸಾಕ್ಷ್ಯಾಧಾರಗಳನ್ನು ಸಂಗ್ರಹಿಸಿದ್ದಾರೆಯೇ ಎಂಬುದರ ಬಗ್ಗೆ ಸಂಶಯ ವ್ಯಕ್ತವಾಗಿದೆ. ದೂರುದಾರರ ಹೇಳಿಕೆಗಳನ್ನು ಸಮರ್ಪಕವಾಗಿ ದಾಖಲಿಸಿಕೊಂಡಿದ್ದಾರೆಯೇ ಎಂಬ ಪ್ರಶ್ನೆಯೂ ಎದ್ದಿದೆ. ಘಟನೆಯ ವಿಡಿಯೋ ದೃಶ್ಯಗಳನ್ನು ಪರಿಶೀಲಿಸದೆ ದೂರುದಾರರ ಬೇಡಿಕೆಯನ್ನು ತಿರಸ್ಕರಿಸಿರುವುದು ನ್ಯಾಯಸಮ್ಮತವಲ್ಲ ಎಂದು ಸಂಘಟನೆಗಳು ಆರೋಪಿಸಿವೆ.
ನಡೆಸಲಾಗಿದೆಯೇ ಎಂಬುದಕ್ಕೆ ದಾಖಲೆ ಆಧಾರಿತ ಉತ್ತರವನ್ನು ಪೊಲೀಸರು ನೀಡಬೇಕಾಗಿದೆ. ಈ ಪ್ರಕರಣದಲ್ಲಿ ಕಾನೂನು ತಜ್ಞರ ಸಲಹೆ ಪಡೆದು ಉನ್ನತ ನ್ಯಾಯಾಲಯದ ಮೊರೆ ಹೋಗಲಾಗುವುದು ಎಂದು ಸಂಘಟನೆಗಳು ತಿಳಿಸಿವೆ. 'ನೈಸರ್ಗಿಕ ನ್ಯಾಯ' ತತ್ವದ ಉಲ್ಲಂಘನೆಯಾಗಿದೆ ಎಂದು ಹೇಳಲಾಗಿದ್ದು, ಮಾನವ ಹಕ್ಕುಗಳ ಆಯೋಗಕ್ಕೂ ದೂರು ಸಲ್ಲಿಸಲು ಸಿದ್ಧತೆ ನಡೆಸಲಾಗಿದೆ.
ಸುರಕ್ಷಿತ ಮತ್ತು ಜನಸಂಪನ್ಮೂಲ ಕುರಿತಂತೆ ಇಲಾಖೆಯ ವರದಿಗಳ ಪ್ರಮಾಣೀಕೃತ ಪ್ರತಿಗಳನ್ನು ನೀಡಬೇಕು ಎಂದು ಒತ್ತಾಯಿಸಲಾಗಿದೆ. ಪೊಲೀಸ್ ಇಲಾಖೆಯ ಹಿರಿಯ ಅಧಿಕಾರಿಗಳು ಈ ಪ್ರಕರಣದಲ್ಲಿ ಮಧ್ಯಪ್ರವೇಶಿಸಿ ನ್ಯಾಯಯುತ ತನಿಖೆ ನಡೆಸುವಂತೆ ನಿರ್ದೇಶನ ನೀಡಬೇಕೆಂದು ಸಂಘಟನೆಗಳು ಮನವಿ ಮಾಡಿವೆ.
ಸೂಕ್ತ ಕಾನೂನು ಕ್ರಮ ಕೈಗೊಳ್ಳಬೇಕು ಎಂದು ಅವರು ಒತ್ತಾಯಿಸಿದ್ದಾರೆ. ನ್ಯಾಯ ಸಿಗುವವರೆಗೆ ಹೋರಾಟ ಮುಂದುವರಿಯಲಿದೆ ಎಂದು ಸಂಘಟನೆಗಳ ಮುಖಂಡರು ಸ್ಪಷ್ಟಪಡಿಸಿದ್ದಾರೆ. ಈಗ ಈ ಪ್ರಶ್ನೆ ಕೇವಲ ಒಬ್ಬರದ್ದಲ್ಲ, ಅದು ಸಾರ್ವಜನಿಕ ನ್ಯಾಯದ ಪ್ರಶ್ನೆಯಾಗಿದೆ ಎಂದು ಅವರು ಹೇಳಿದ್ದಾರೆ.
ನೂತನ ಖಾಝಿಯಾಗಿ ಅಧಿಕಾರ ಸ್ವೀಕಾರ
1ನೇ ಪುಟದಿಂದ
ಕೊಳತ್ತೂರು ಶೈಖುನಾ ಕೋಯಮ್ಮ ಸಖಾಫಿ ಮುಸ್ಲಿಯಾರ್, ಸಯ್ಯದ್ ಆಟಕೋಯ ತಂಙಳ್ ಕುಂಬೋಳ್, ಎಸ್‌ವೈಎಸ್ ಕೇಂದ್ರ ಕಾರ್ಯದರ್ಶಿ ಅಬ್ದುಲ್ ಹಮೀದ್ ಫೈಝಿ, ಸಯ್ಯದ್ ಅಬ್ದುಲ್ ರಹ್ಮಾನ್ ತಂಙಳ್ ಹಾಗೂ ಹಲವು ಧಾರ್ಮಿಕ ವಿದ್ವಾಂಸರು, ಜಮಾಅತ್ ಪದಾಧಿಕಾರಿಗಳು ಮತ್ತು ಊರಿನ ಪ್ರಮುಖರು ಉಪಸ್ಥಿತರಿದ್ದರು. ಕರ್ನಾಟಕ ಹಜ್ ಸಮಿತಿ ಸದಸ್ಯರು, ಸ್ಥಳೀಯ ಜನಪ್ರತಿನಿಧಿಗಳು ಹಾಗೂ ಸಮುದಾಯದ ಮುಖಂಡರು ಶುಭ ಹಾರೈಸಿದರು.
ಹಾಜಿ, ಕರಾವಳಿ ಅಭಿವೃದ್ಧಿ ಮಂಡಳಿಯ ಅಧ್ಯಕ್ಷ ಎಂ.ಎ.ಗಫೂರ್, ಕರ್ನಾಟಕ ರಾಜ್ಯ ವಕ್ಫ್ ಮಂಡಳಿ ಸದಸ್ಯರು, ಉಳ್ಳಾಲ ದರ್ಗಾ ಸಮಿತಿ ಪದಾಧಿಕಾರಿಗಳು ಸೇರಿದಂತೆ ಅನೇಕ ಗಣ್ಯರು ಕಾರ್ಯಕ್ರಮದಲ್ಲಿ ಭಾಗವಹಿಸಿದ್ದರು. ನೂತನ ಖಾಝಿಯವರಿಗೆ ವಿವಿಧ ಸಂಘಟನೆಗಳ ವತಿಯಿಂದ ಗೌರವ ಸಲ್ಲಿಸಲಾಯಿತು. ಮಹಮ್ಮದ್ ಶರೀಫ್ ಸ್ವಾಗತಿಸಿ, ಮಹ್ಮೂದ್ ಅಝ್ಹರಿ ವಂದಿಸಿದರು.
WPWebsmart E-Paper CMS	C81AE81
